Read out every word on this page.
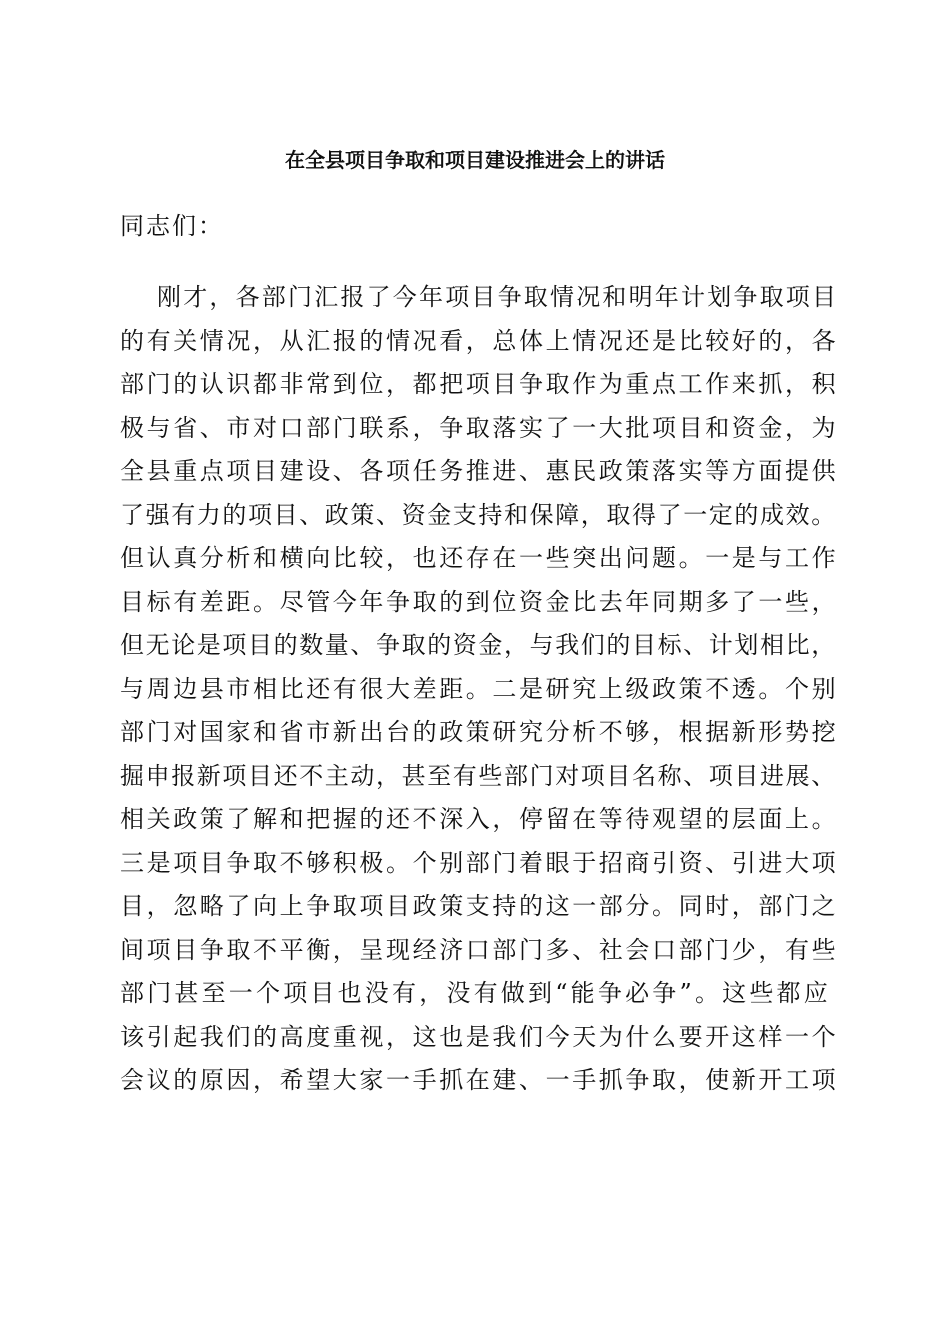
在全县项目争取和项目建设推进会上的讲话
同志们：
刚才，各部门汇报了今年项目争取情况和明年计划争取项目
的有关情况，从汇报的情况看，总体上情况还是比较好的，各
部门的认识都非常到位，都把项目争取作为重点工作来抓，积
极与省、市对口部门联系，争取落实了一大批项目和资金，为
全县重点项目建设、各项任务推进、惠民政策落实等方面提供
了强有力的项目、政策、资金支持和保障，取得了一定的成效。
但认真分析和横向比较，也还存在一些突出问题。一是与工作
目标有差距。尽管今年争取的到位资金比去年同期多了一些，
但无论是项目的数量、争取的资金，与我们的目标、计划相比，
与周边县市相比还有很大差距。二是研究上级政策不透。个别
部门对国家和省市新出台的政策研究分析不够，根据新形势挖
掘申报新项目还不主动，甚至有些部门对项目名称、项目进展、
相关政策了解和把握的还不深入，停留在等待观望的层面上。
三是项目争取不够积极。个别部门着眼于招商引资、引进大项
目，忽略了向上争取项目政策支持的这一部分。同时，部门之
间项目争取不平衡，呈现经济口部门多、社会口部门少，有些
部门甚至一个项目也没有，没有做到“能争必争”。这些都应
该引起我们的高度重视，这也是我们今天为什么要开这样一个
会议的原因，希望大家一手抓在建、一手抓争取，使新开工项
